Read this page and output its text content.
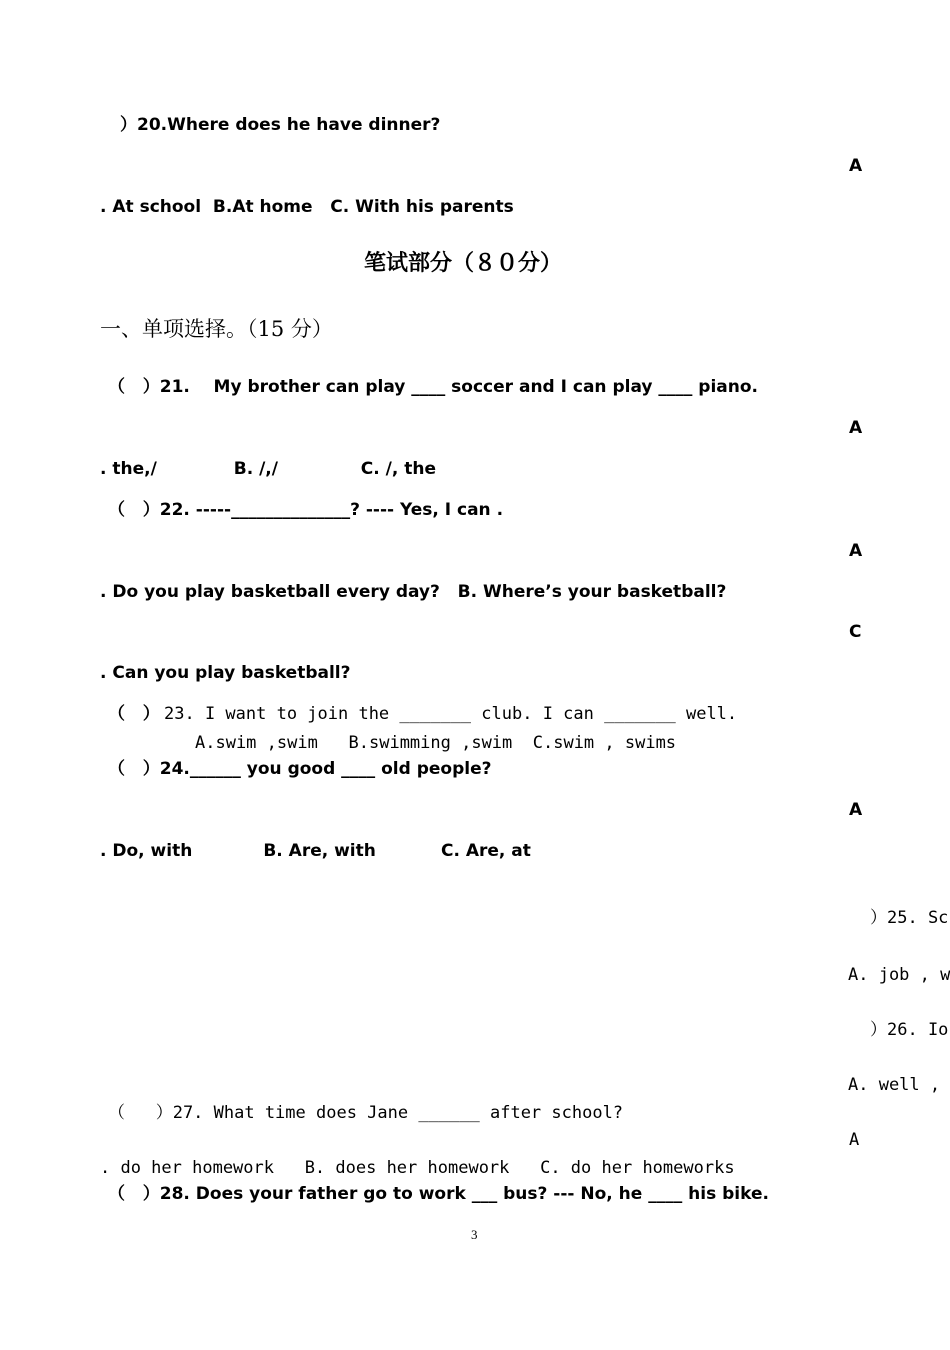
）20.Where does he have dinner?
A
. At school  B.At home   C. With his parents
笔试部分（８０分）
一、单项选择。（15 分）
（   ）21.    My brother can play ____ soccer and I can play ____ piano.
A
. the,/             B. /,/              C. /, the
（   ）22. -----______________? ---- Yes, I can .
A
. Do you play basketball every day?   B. Where’s your basketball?
C
. Can you play basketball?
（   ） 23. I want to join the _______ club. I can _______ well.
A.swim ,swim   B.swimming ,swim  C.swim , swims
（   ）24.______ you good ____ old people?
A
. Do, with            B. Are, with           C. Are, at
）25. Sc
A. job , w
）26. Io
A. well ,
（   ）27. What time does Jane ______ after school?
A
. do her homework   B. does her homework   C. do her homeworks
（   ）28. Does your father go to work ___ bus? --- No, he ____ his bike.
3
